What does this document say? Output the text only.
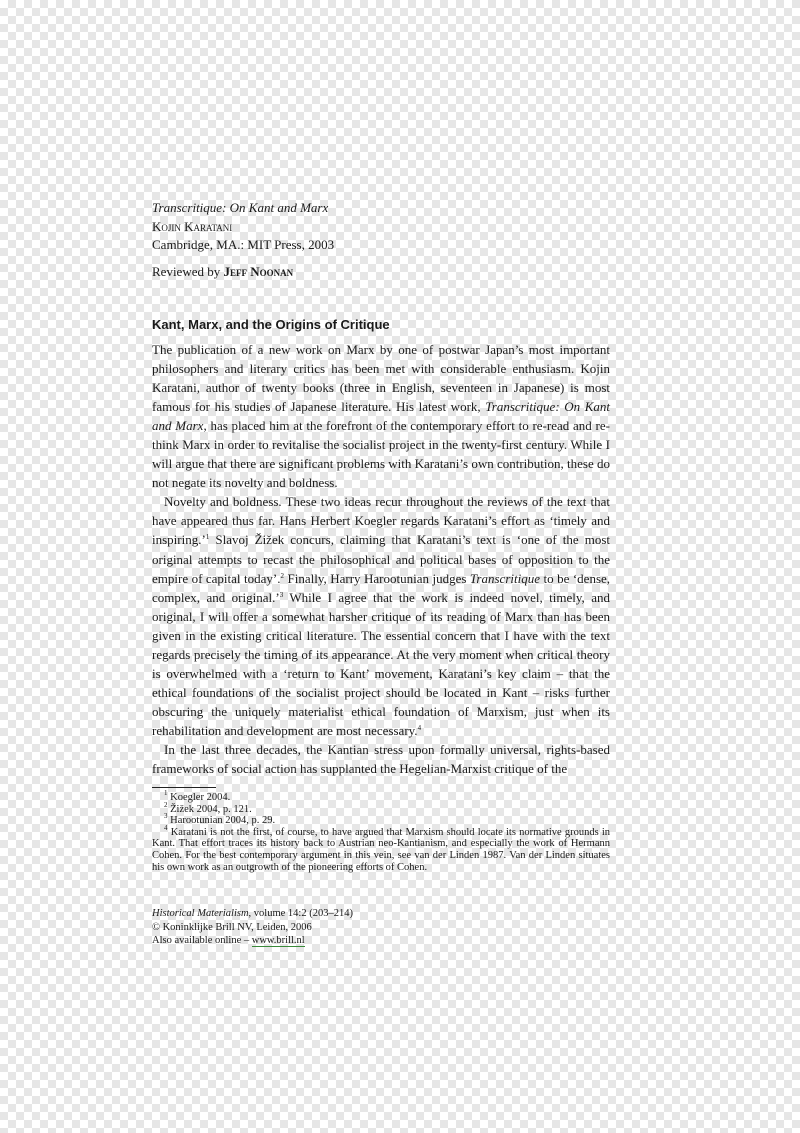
Transcritique: On Kant and Marx
Kojin Karatani
Cambridge, MA.: MIT Press, 2003
Reviewed by Jeff Noonan
Kant, Marx, and the Origins of Critique

The publication of a new work on Marx by one of postwar Japan’s most important philosophers and literary critics has been met with considerable enthusiasm. Kojin Karatani, author of twenty books (three in English, seventeen in Japanese) is most famous for his studies of Japanese literature. His latest work, Transcritique: On Kant and Marx, has placed him at the forefront of the contemporary effort to re-read and re-think Marx in order to revitalise the socialist project in the twenty-first century. While I will argue that there are significant problems with Karatani’s own contribution, these do not negate its novelty and boldness.

Novelty and boldness. These two ideas recur throughout the reviews of the text that have appeared thus far. Hans Herbert Koegler regards Karatani’s effort as ‘timely and inspiring.’$^1$ Slavoj Žižek concurs, claiming that Karatani’s text is ‘one of the most original attempts to recast the philosophical and political bases of opposition to the empire of capital today’.$^2$ Finally, Harry Harootunian judges Transcritique to be ‘dense, complex, and original.’$^3$ While I agree that the work is indeed novel, timely, and original, I will offer a somewhat harsher critique of its reading of Marx than has been given in the existing critical literature. The essential concern that I have with the text regards precisely the timing of its appearance. At the very moment when critical theory is overwhelmed with a ‘return to Kant’ movement, Karatani’s key claim – that the ethical foundations of the socialist project should be located in Kant – risks further obscuring the uniquely materialist ethical foundation of Marxism, just when its rehabilitation and development are most necessary.$^4$

In the last three decades, the Kantian stress upon formally universal, rights-based frameworks of social action has supplanted the Hegelian-Marxist critique of the

$^1$ Koegler 2004.
$^2$ Žižek 2004, p. 121.
$^3$ Harootunian 2004, p. 29.
$^4$ Karatani is not the first, of course, to have argued that Marxism should locate its normative grounds in Kant. That effort traces its history back to Austrian neo-Kantianism, and especially the work of Hermann Cohen. For the best contemporary argument in this vein, see van der Linden 1987. Van der Linden situates his own work as an outgrowth of the pioneering efforts of Cohen.
Historical Materialism, volume 14:2 (203–214)
© Koninklijke Brill NV, Leiden, 2006
Also available online – www.brill.nl
